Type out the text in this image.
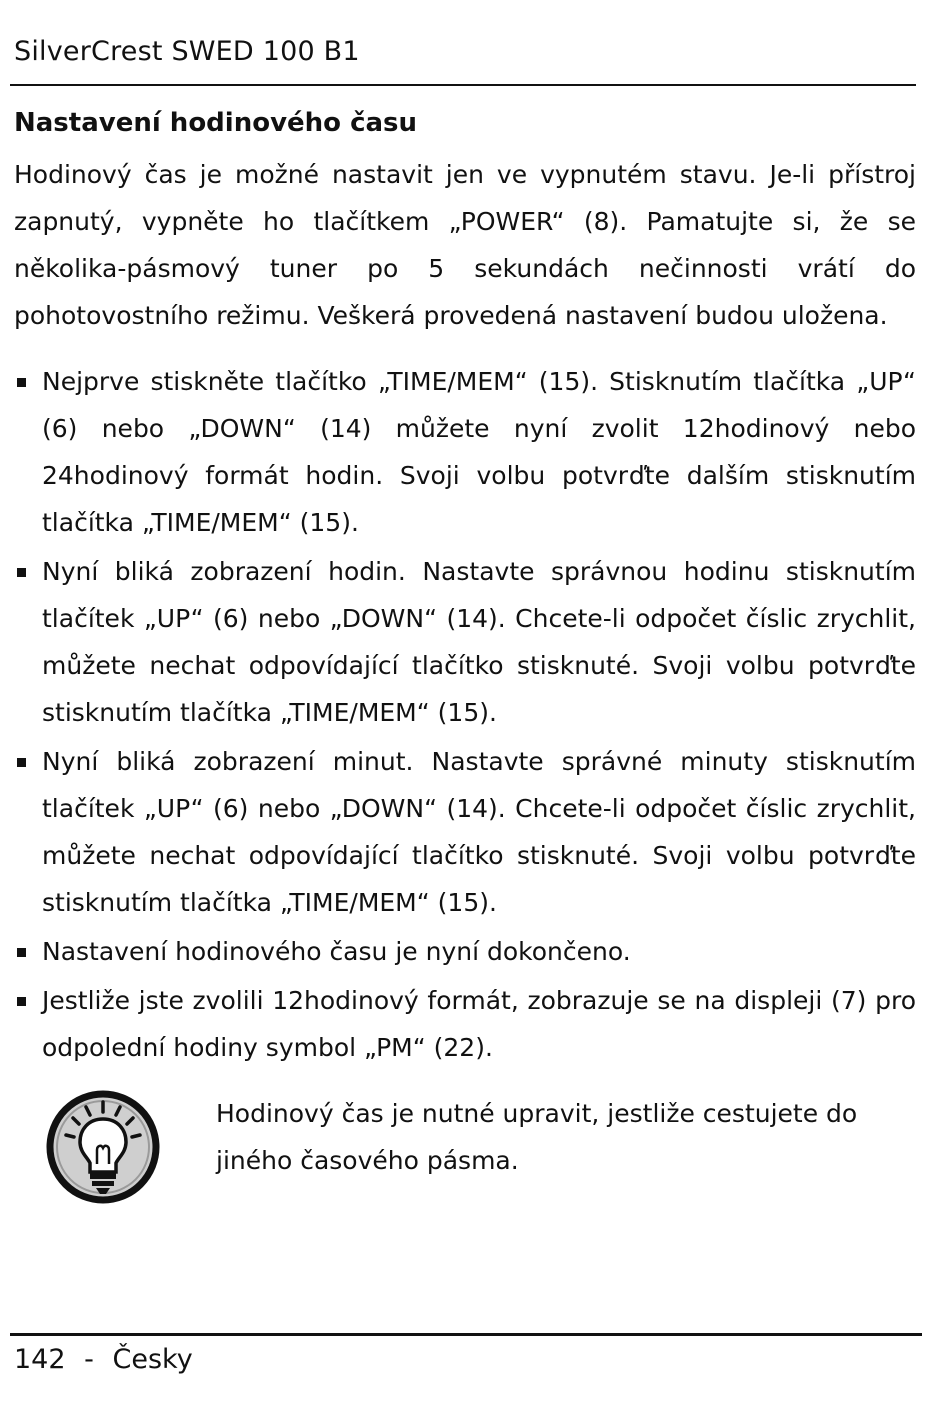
SilverCrest SWED 100 B1
Nastavení hodinového času

Hodinový čas je možné nastavit jen ve vypnutém stavu. Je-li přístroj zapnutý, vypněte ho tlačítkem „POWER“ (8). Pamatujte si, že se několika-pásmový tuner po 5 sekundách nečinnosti vrátí do pohotovostního režimu. Veškerá provedená nastavení budou uložena.

Nejprve stiskněte tlačítko „TIME/MEM“ (15). Stisknutím tlačítka „UP“ (6) nebo „DOWN“ (14) můžete nyní zvolit 12hodinový nebo 24hodinový formát hodin. Svoji volbu potvrďte dalším stisknutím tlačítka „TIME/MEM“ (15).
Nyní bliká zobrazení hodin. Nastavte správnou hodinu stisknutím tlačítek „UP“ (6) nebo „DOWN“ (14). Chcete-li odpočet číslic zrychlit, můžete nechat odpovídající tlačítko stisknuté. Svoji volbu potvrďte stisknutím tlačítka „TIME/MEM“ (15).
Nyní bliká zobrazení minut. Nastavte správné minuty stisknutím tlačítek „UP“ (6) nebo „DOWN“ (14). Chcete-li odpočet číslic zrychlit, můžete nechat odpovídající tlačítko stisknuté. Svoji volbu potvrďte stisknutím tlačítka „TIME/MEM“ (15).
Nastavení hodinového času je nyní dokončeno.
Jestliže jste zvolili 12hodinový formát, zobrazuje se na displeji (7) pro odpolední hodiny symbol „PM“ (22).

Hodinový čas je nutné upravit, jestliže cestujete do jiného časového pásma.

142 - Česky
